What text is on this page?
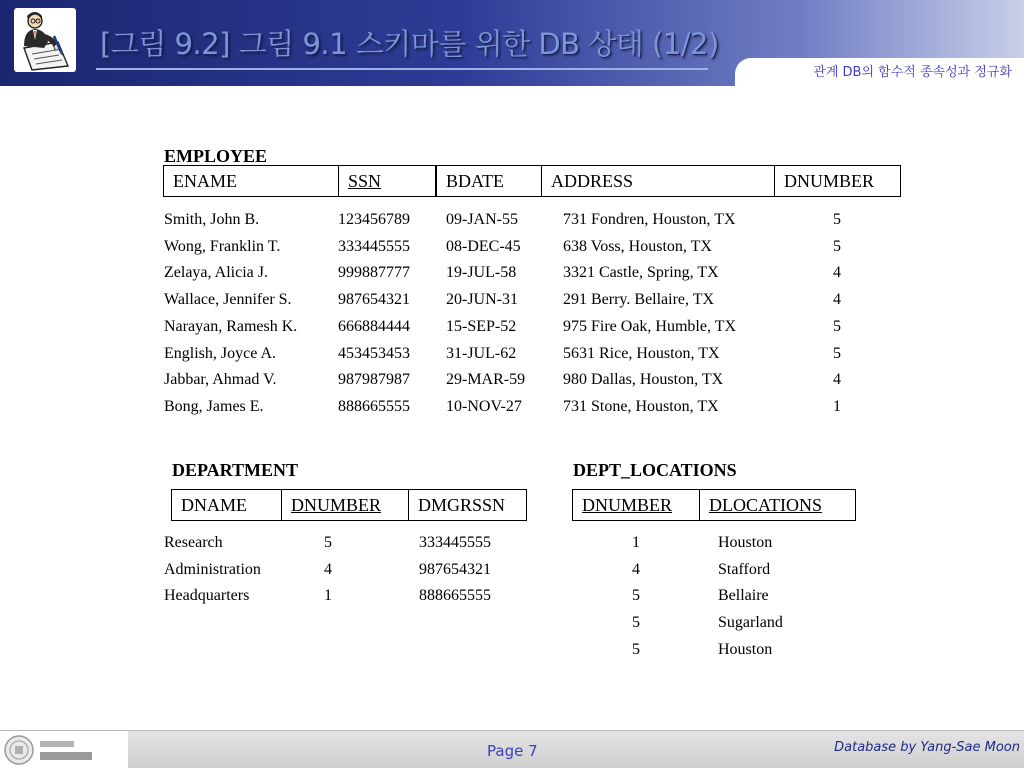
[그림 9.2] 그림 9.1 스키마를 위한 DB 상태 (1/2)
관계 DB의 함수적 종속성과 정규화
EMPLOYEE
ENAME	SSN	BDATE	ADDRESS	DNUMBER
Smith, John B.	123456789 09-JAN-55	731 Fondren, Houston, TX	5
Wong, Franklin T.	333445555 08-DEC-45	638 Voss, Houston, TX	5
Zelaya, Alicia J.	999887777 19-JUL-58	3321 Castle, Spring, TX	4
Wallace, Jennifer S.	987654321 20-JUN-31	291 Berry. Bellaire, TX	4
Narayan, Ramesh K.	666884444 15-SEP-52	975 Fire Oak, Humble, TX	5
English, Joyce A.	453453453 31-JUL-62	5631 Rice, Houston, TX	5
Jabbar, Ahmad V.	987987987 29-MAR-59 980 Dallas, Houston, TX	4
Bong, James E.	888665555 10-NOV-27	731 Stone, Houston, TX	1
DEPARTMENT
DNAME	DNUMBER	DMGRSSN
Research	5	333445555
Administration	4	987654321
Headquarters	1	888665555
DEPT_LOCATIONS
DNUMBER	DLOCATIONS
1	Houston
4	Stafford
5	Bellaire
5	Sugarland
5	Houston
Page 7	Database by Yang-Sae Moon
